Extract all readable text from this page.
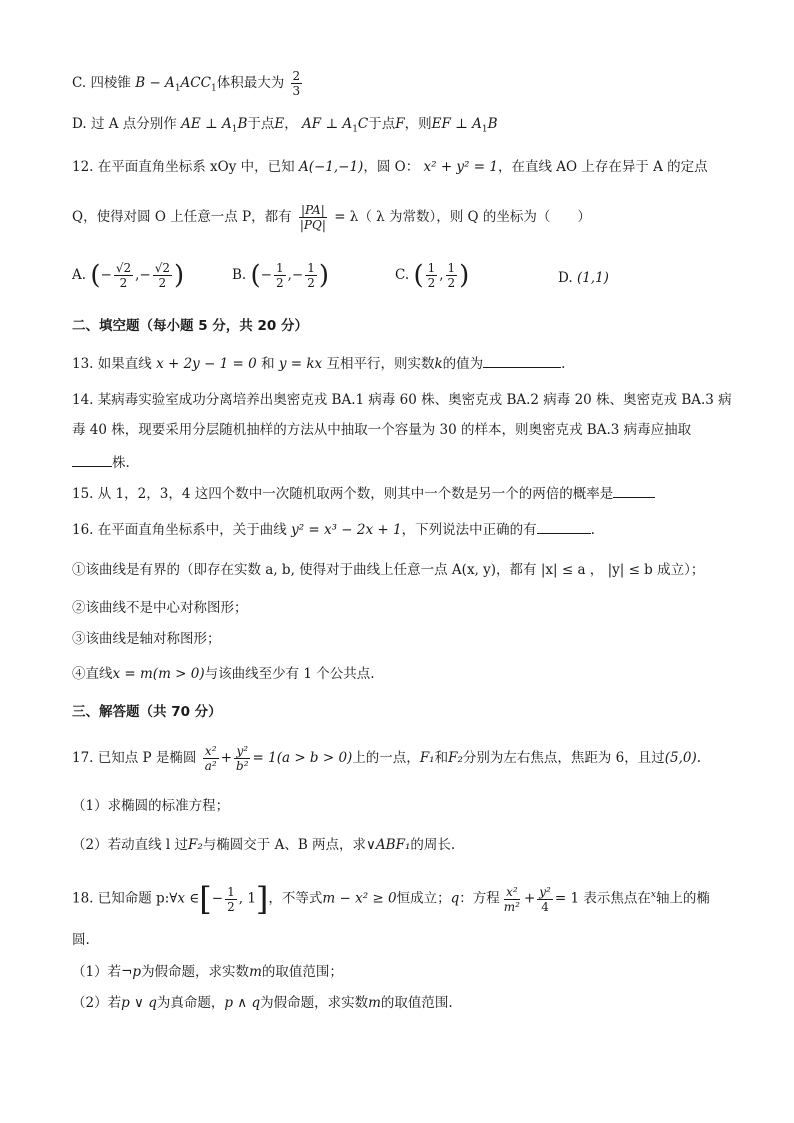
C. 四棱锥 $B - A_1ACC_1$体积最大为 $\frac{2}{3}$
D. 过 A 点分别作 AE ⊥ $A_1B$于点E， AF ⊥ $A_1C$于点F，则EF ⊥ $A_1B$
12. 在平面直角坐标系 xOy 中，已知 A(−1,−1)，圆 O： x² + y² = 1，在直线 AO 上存在异于 A 的定点
Q，使得对圆 O 上任意一点 P，都有 $\frac{|PA|}{|PQ|} = \lambda$（ λ 为常数），则 Q 的坐标为（　　）
A. (− $\frac{√2}{2}$ ,− $\frac{√2}{2}$ )	B. (− $\frac{1}{2}$ ,− $\frac{1}{2}$ )	C. ( $\frac{1}{2}$ , $\frac{1}{2}$ )	D. (1,1)
二、填空题（每小题 5 分，共 20 分）
13. 如果直线 x + 2y − 1 = 0 和 y = kx 互相平行，则实数k的值为	.
14. 某病毒实验室成功分离培养出奥密克戎 BA.1 病毒 60 株、奥密克戎 BA.2 病毒 20 株、奥密克戎 BA.3 病
毒 40 株，现要采用分层随机抽样的方法从中抽取一个容量为 30 的样本，则奥密克戎 BA.3 病毒应抽取
株.
15. 从 1，2，3，4 这四个数中一次随机取两个数，则其中一个数是另一个的两倍的概率是
16. 在平面直角坐标系中，关于曲线 y² = x³ − 2x + 1，下列说法中正确的有	.
①该曲线是有界的（即存在实数 a, b, 使得对于曲线上任意一点 A(x, y)，都有 |x| ≤ a ， |y| ≤ b 成立）；
②该曲线不是中心对称图形；
③该曲线是轴对称图形；
④直线x = m(m > 0)与该曲线至少有 1 个公共点.
三、解答题（共 70 分）
17. 已知点 P 是椭圆 $\frac{\text{x²}}{\text{a²}} + \frac{\text{y²}}{\text{b²}} = 1(a > b > 0)$上的一点，F₁和F₂分别为左右焦点，焦距为 6，且过(5,0).
（1）求椭圆的标准方程；
（2）若动直线 l 过F₂与椭圆交于 A、B 两点，求∨ABF₁的周长.
18. 已知命题 p:∀x ∈[− $\frac{1}{2}$ , 1]，不等式m − x² ≥ 0恒成立；q：方程 $\frac{\text{x²}}{\text{m²}} + \frac{\text{y²}}{4} = 1$ 表示焦点在$^x$轴上的椭
圆.
（1）若¬p为假命题，求实数m的取值范围；
（2）若p ∨ q为真命题，p ∧ q为假命题，求实数m的取值范围.
